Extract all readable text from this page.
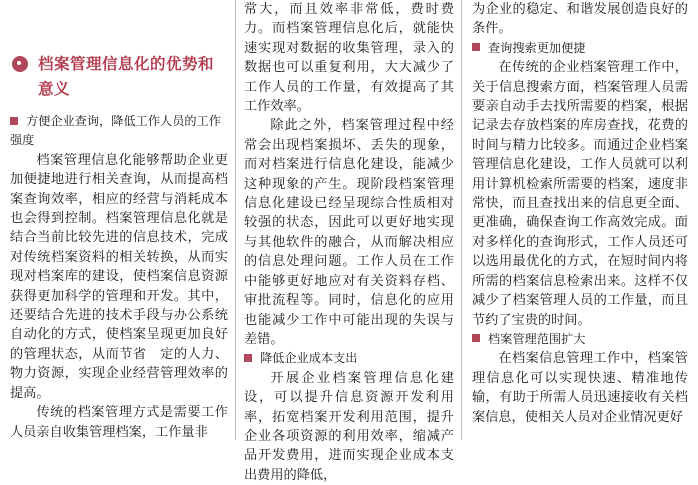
档案管理信息化的优势和意义

方便企业查询，降低工作人员的工作强度

档案管理信息化能够帮助企业更加便捷地进行相关查询，从而提高档案查询效率，相应的经营与消耗成本也会得到控制。档案管理信息化就是结合当前比较先进的信息技术，完成对传统档案资料的相关转换，从而实现对档案库的建设，使档案信息资源获得更加科学的管理和开发。其中，还要结合先进的技术手段与办公系统自动化的方式，使档案呈现更加良好的管理状态，从而节省　定的人力、物力资源，实现企业经营管理效率的提高。

传统的档案管理方式是需要工作人员亲自收集管理档案，工作量非

常大，而且效率非常低，费时费力。而档案管理信息化后，就能快速实现对数据的收集管理，录入的数据也可以重复利用，大大减少了工作人员的工作量，有效提高了其工作效率。

除此之外，档案管理过程中经常会出现档案损坏、丢失的现象，而对档案进行信息化建设，能减少这种现象的产生。现阶段档案管理信息化建设已经呈现综合性质相对较强的状态，因此可以更好地实现与其他软件的融合，从而解决相应的信息处理问题。工作人员在工作中能够更好地应对有关资料存档、审批流程等。同时，信息化的应用也能减少工作中可能出现的失误与差错。

降低企业成本支出

开展企业档案管理信息化建设，可以提升信息资源开发利用率，拓宽档案开发利用范围，提升企业各项资源的利用效率，缩减产品开发费用，进而实现企业成本支出费用的降低，

为企业的稳定、和谐发展创造良好的条件。

查询搜索更加便捷

在传统的企业档案管理工作中，关于信息搜索方面，档案管理人员需要亲自动手去找所需要的档案，根据记录去存放档案的库房查找，花费的时间与精力比较多。而通过企业档案管理信息化建设，工作人员就可以利用计算机检索所需要的档案，速度非常快，而且查找出来的信息更全面、更准确，确保查询工作高效完成。面对多样化的查询形式，工作人员还可以选用最优化的方式，在短时间内将所需的档案信息检索出来。这样不仅减少了档案管理人员的工作量，而且节约了宝贵的时间。

档案管理范围扩大

在档案信息管理工作中，档案管理信息化可以实现快速、精准地传输，有助于所需人员迅速接收有关档案信息，使相关人员对企业情况更好
